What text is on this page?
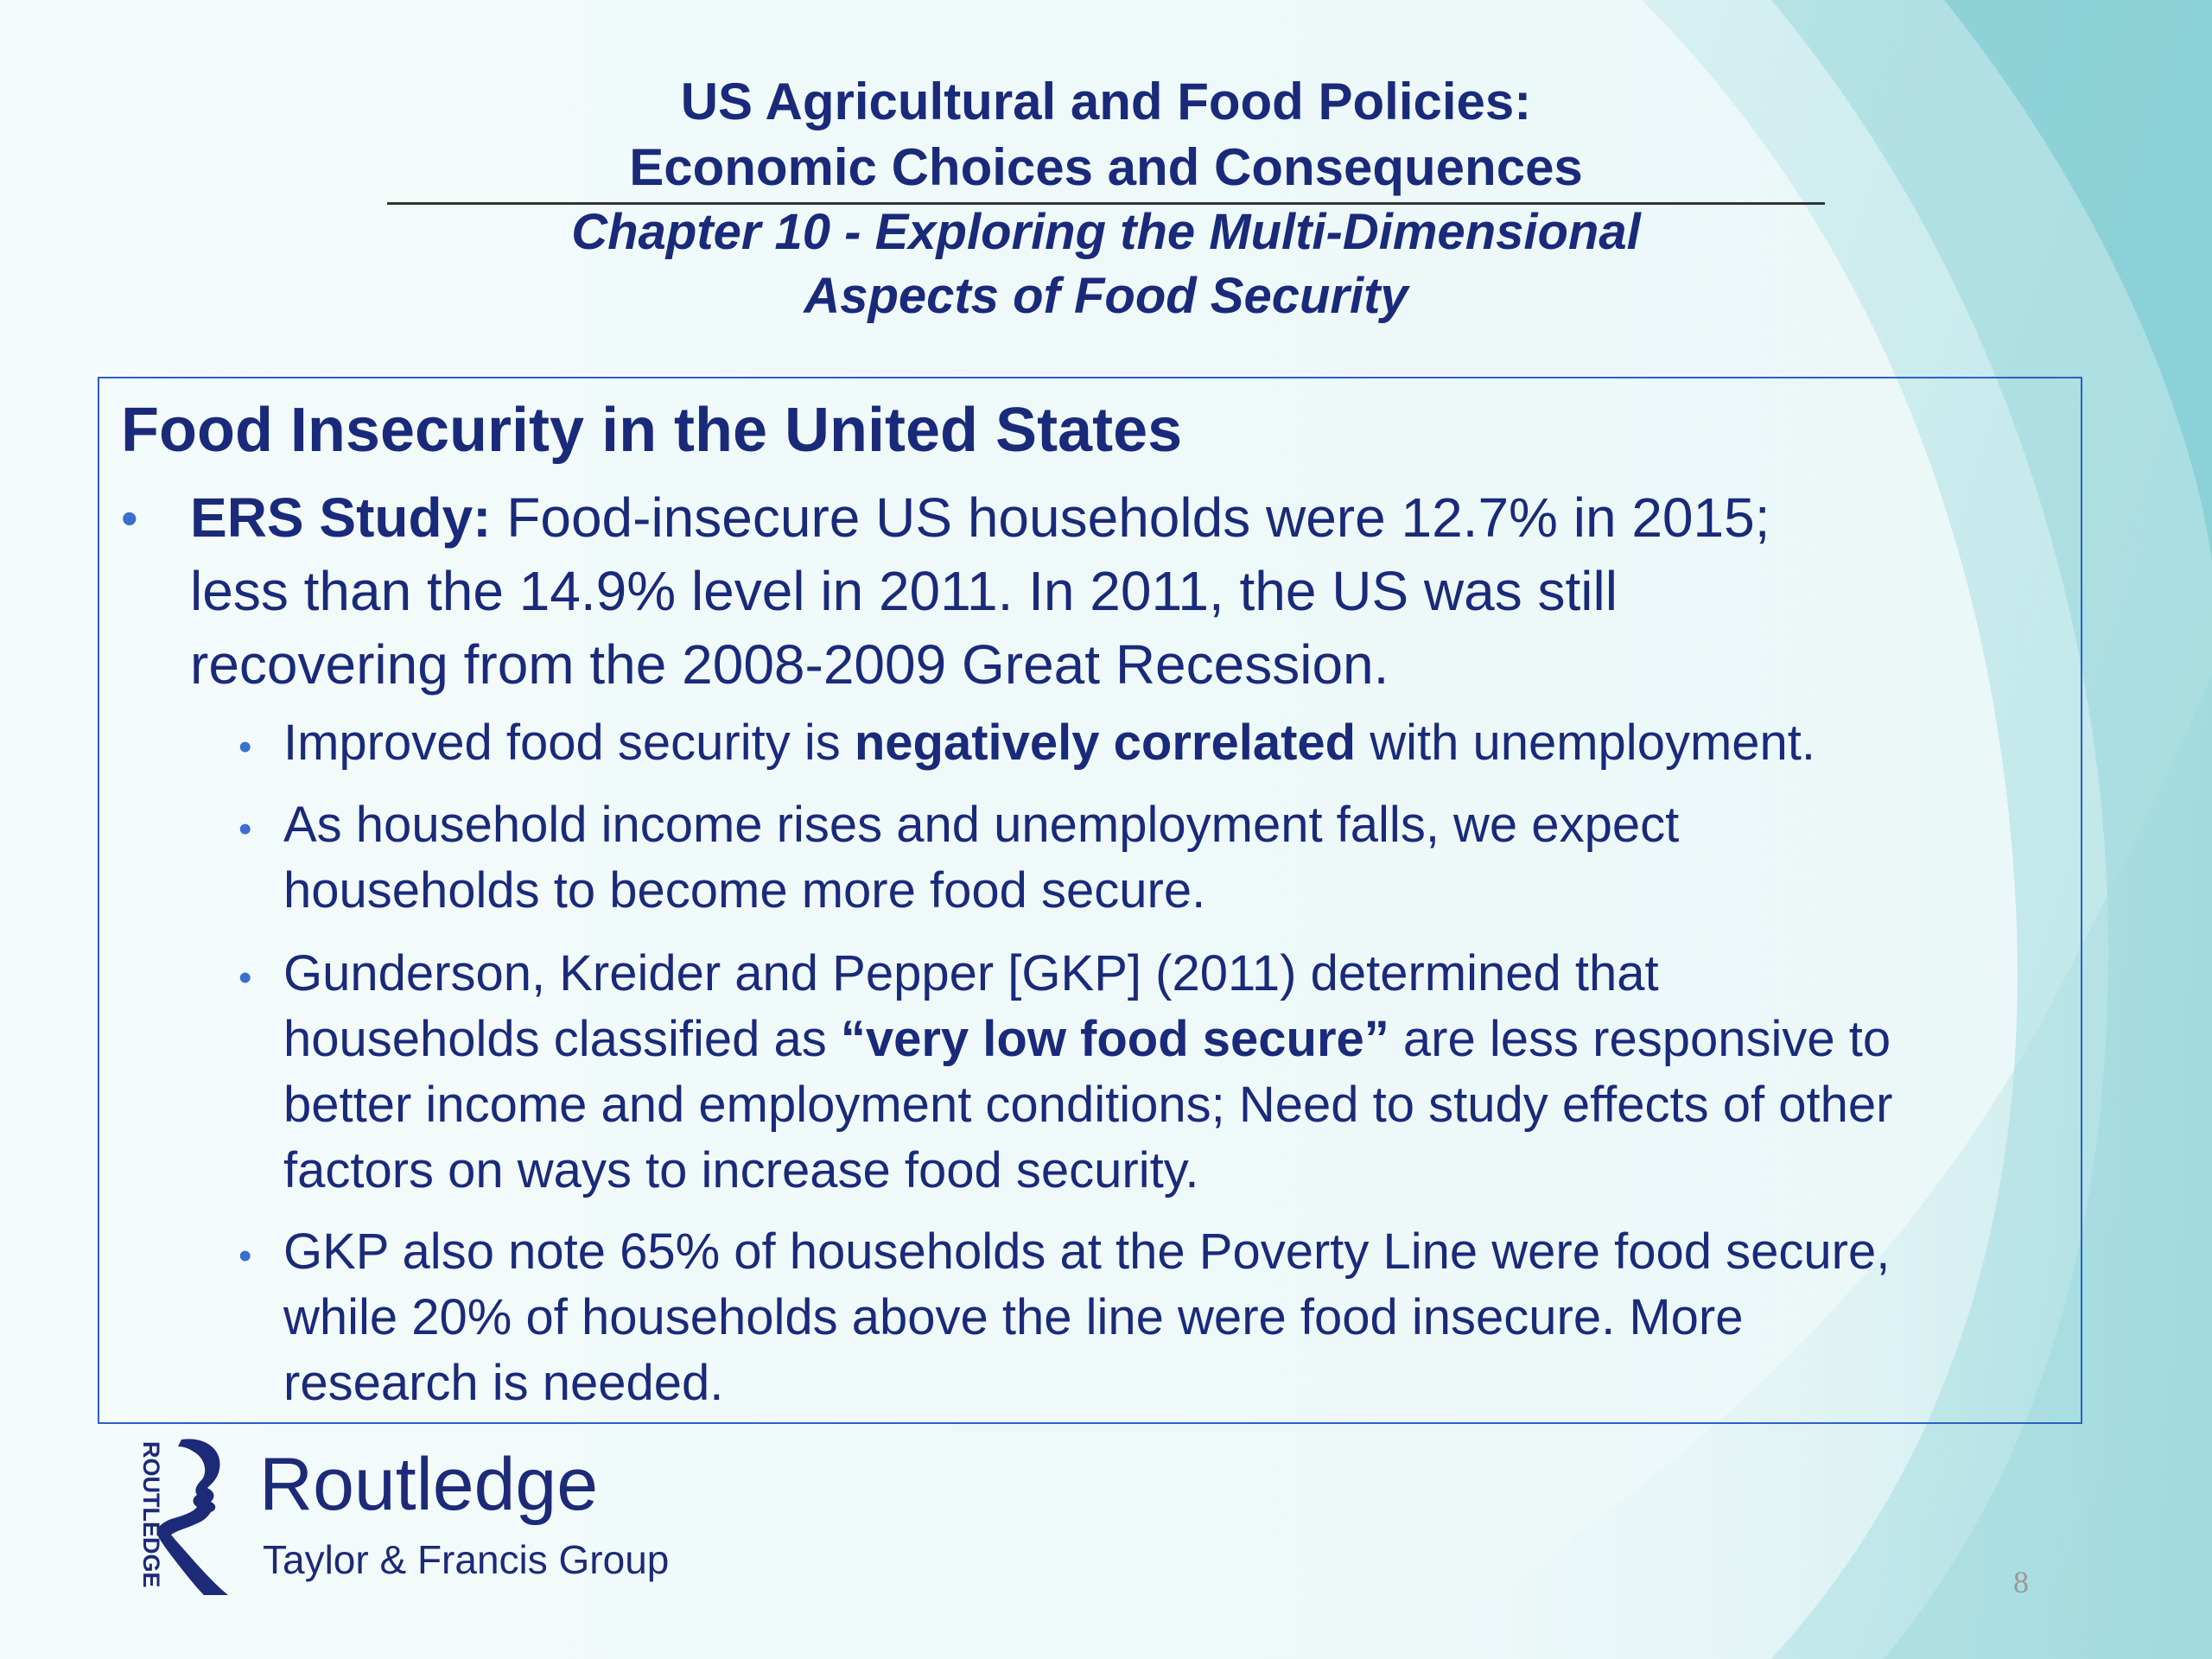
US Agricultural and Food Policies:
Economic Choices and Consequences
Chapter 10 - Exploring the Multi-Dimensional
Aspects of Food Security
Food Insecurity in the United States
• ERS Study: Food-insecure US households were 12.7% in 2015;
less than the 14.9% level in 2011. In 2011, the US was still
recovering from the 2008-2009 Great Recession.
• Improved food security is negatively correlated with unemployment.
• As household income rises and unemployment falls, we expect
households to become more food secure.
• Gunderson, Kreider and Pepper [GKP] (2011) determined that
households classified as “very low food secure” are less responsive to
better income and employment conditions; Need to study effects of other
factors on ways to increase food security.
• GKP also note 65% of households at the Poverty Line were food secure,
while 20% of households above the line were food insecure. More
research is needed.
ROUTLEDGE Routledge
Taylor & Francis Group	8
